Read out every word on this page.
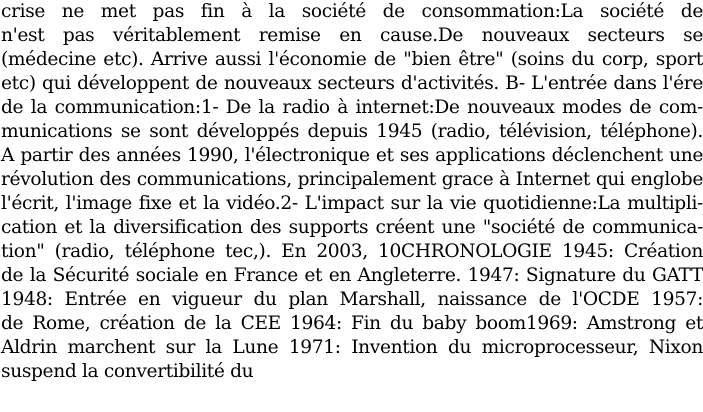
crise ne met pas fin à la société de consommation:La société de
n'est pas véritablement remise en cause.De nouveaux secteurs se
(médecine etc). Arrive aussi l'économie de "bien être" (soins du corp, sport
etc) qui développent de nouveaux secteurs d'activités. B- L'entrée dans l'ére
de la communication:1- De la radio à internet:De nouveaux modes de com-
munications se sont développés depuis 1945 (radio, télévision, téléphone).
A partir des années 1990, l'électronique et ses applications déclenchent une
révolution des communications, principalement grace à Internet qui englobe
l'écrit, l'image fixe et la vidéo.2- L'impact sur la vie quotidienne:La multipli-
cation et la diversification des supports créent une "société de communica-
tion" (radio, téléphone tec,). En 2003, 10CHRONOLOGIE 1945: Création
de la Sécurité sociale en France et en Angleterre. 1947: Signature du GATT
1948: Entrée en vigueur du plan Marshall, naissance de l'OCDE 1957:
de Rome, création de la CEE 1964: Fin du baby boom1969: Amstrong et
Aldrin marchent sur la Lune 1971: Invention du microprocesseur, Nixon
suspend la convertibilité du
